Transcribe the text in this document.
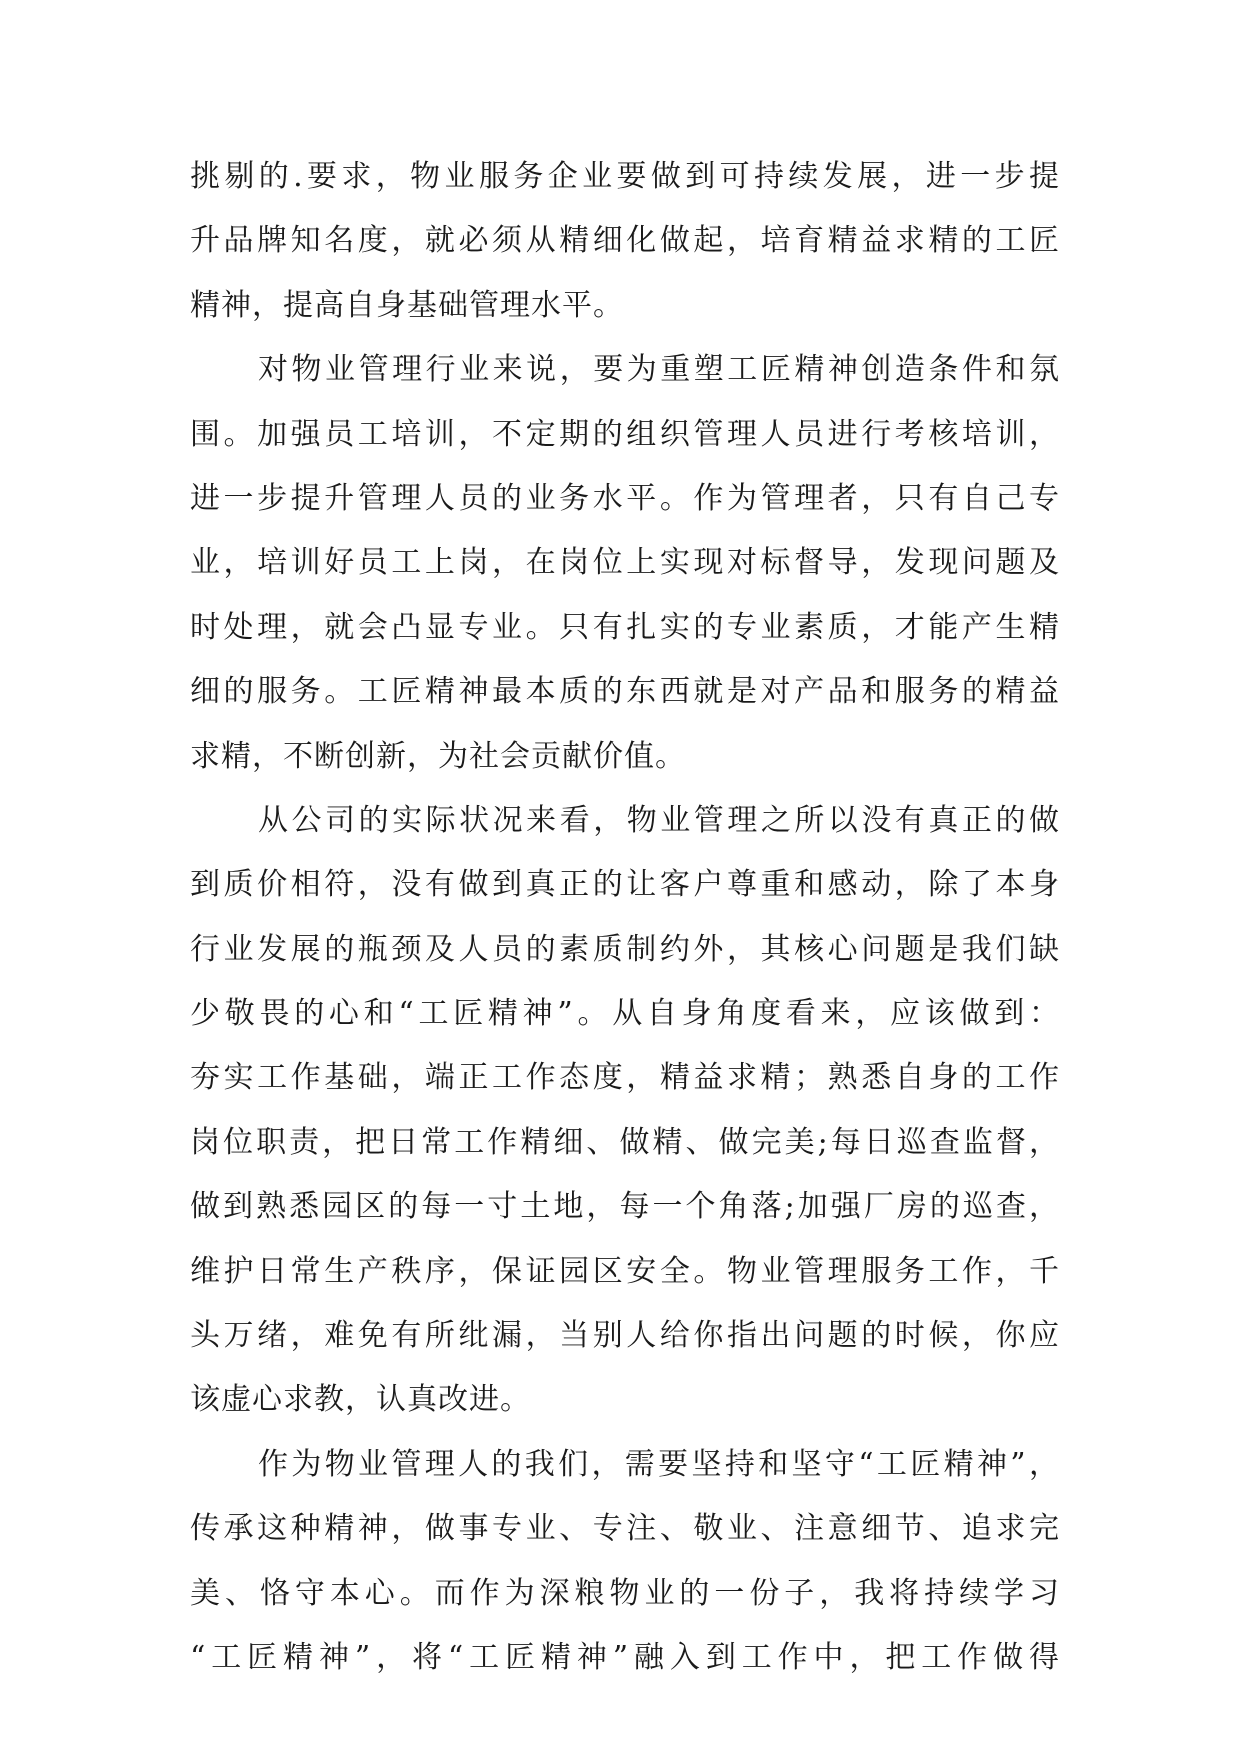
挑剔的.要求，物业服务企业要做到可持续发展，进一步提
升品牌知名度，就必须从精细化做起，培育精益求精的工匠
精神，提高自身基础管理水平。
对物业管理行业来说，要为重塑工匠精神创造条件和氛
围。加强员工培训，不定期的组织管理人员进行考核培训，
进一步提升管理人员的业务水平。作为管理者，只有自己专
业，培训好员工上岗，在岗位上实现对标督导，发现问题及
时处理，就会凸显专业。只有扎实的专业素质，才能产生精
细的服务。工匠精神最本质的东西就是对产品和服务的精益
求精，不断创新，为社会贡献价值。
从公司的实际状况来看，物业管理之所以没有真正的做
到质价相符，没有做到真正的让客户尊重和感动，除了本身
行业发展的瓶颈及人员的素质制约外，其核心问题是我们缺
少敬畏的心和“工匠精神”。从自身角度看来，应该做到：
夯实工作基础，端正工作态度，精益求精；熟悉自身的工作
岗位职责，把日常工作精细、做精、做完美;每日巡查监督，
做到熟悉园区的每一寸土地，每一个角落;加强厂房的巡查，
维护日常生产秩序，保证园区安全。物业管理服务工作，千
头万绪，难免有所纰漏，当别人给你指出问题的时候，你应
该虚心求教，认真改进。
作为物业管理人的我们，需要坚持和坚守“工匠精神”，
传承这种精神，做事专业、专注、敬业、注意细节、追求完
美、恪守本心。而作为深粮物业的一份子，我将持续学习
“工匠精神”，将“工匠精神”融入到工作中，把工作做得
